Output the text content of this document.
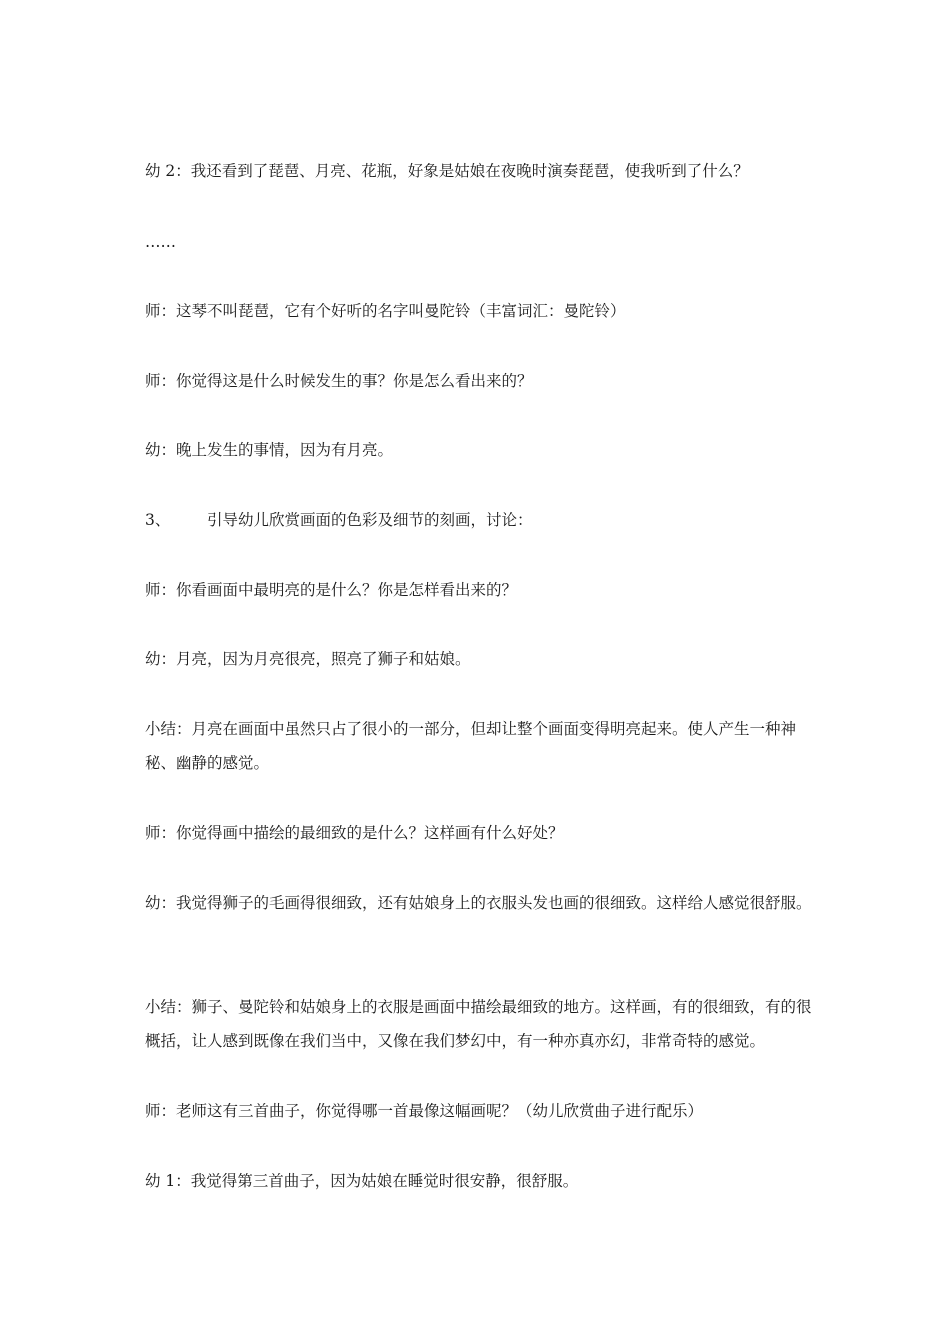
幼 2：我还看到了琵琶、月亮、花瓶，好象是姑娘在夜晚时演奏琵琶，使我听到了什么？

……

师：这琴不叫琵琶，它有个好听的名字叫曼陀铃（丰富词汇：曼陀铃）

师：你觉得这是什么时候发生的事？你是怎么看出来的？

幼：晚上发生的事情，因为有月亮。

3、 引导幼儿欣赏画面的色彩及细节的刻画，讨论：

师：你看画面中最明亮的是什么？你是怎样看出来的？

幼：月亮，因为月亮很亮，照亮了狮子和姑娘。

小结：月亮在画面中虽然只占了很小的一部分，但却让整个画面变得明亮起来。使人产生一种神秘、幽静的感觉。

师：你觉得画中描绘的最细致的是什么？这样画有什么好处？

幼：我觉得狮子的毛画得很细致，还有姑娘身上的衣服头发也画的很细致。这样给人感觉很舒服。

小结：狮子、曼陀铃和姑娘身上的衣服是画面中描绘最细致的地方。这样画，有的很细致，有的很概括，让人感到既像在我们当中，又像在我们梦幻中，有一种亦真亦幻，非常奇特的感觉。

师：老师这有三首曲子，你觉得哪一首最像这幅画呢？（幼儿欣赏曲子进行配乐）

幼 1：我觉得第三首曲子，因为姑娘在睡觉时很安静，很舒服。
